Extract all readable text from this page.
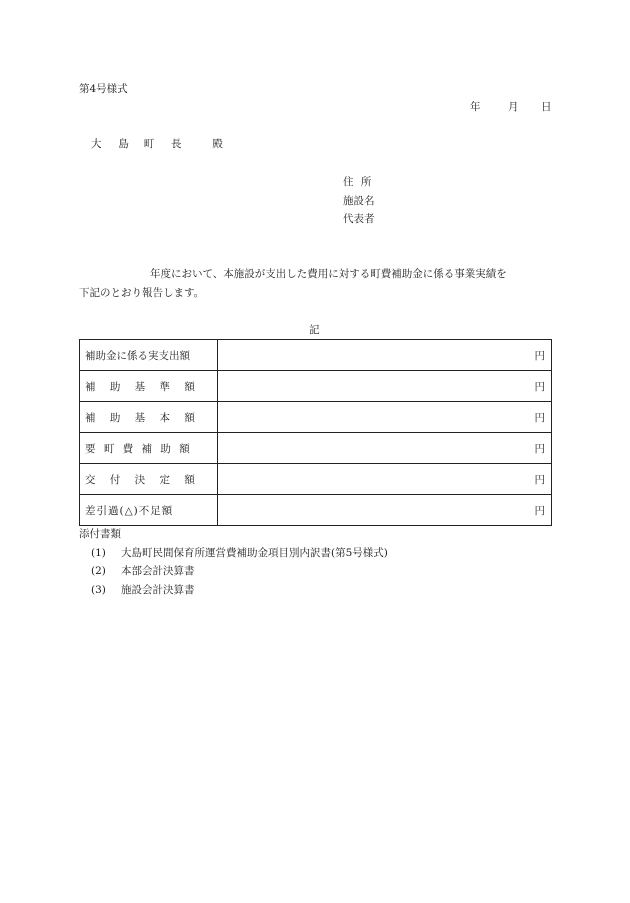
第4号様式
年	月 日
大 島 町 長	殿
住 所
施設名
代表者
年度において、本施設が支出した費用に対する町費補助金に係る事業実績を
下記のとおり報告します。
記
補助金に係る実支出額	円
補 助 基 準 額	円
補 助 基 本 額	円
要 町 費 補 助 額	円
交 付 決 定 額	円
差引過(△)不足額	円
添付書類
(1) 大島町民間保育所運営費補助金項目別内訳書(第5号様式)
(2) 本部会計決算書
(3) 施設会計決算書
